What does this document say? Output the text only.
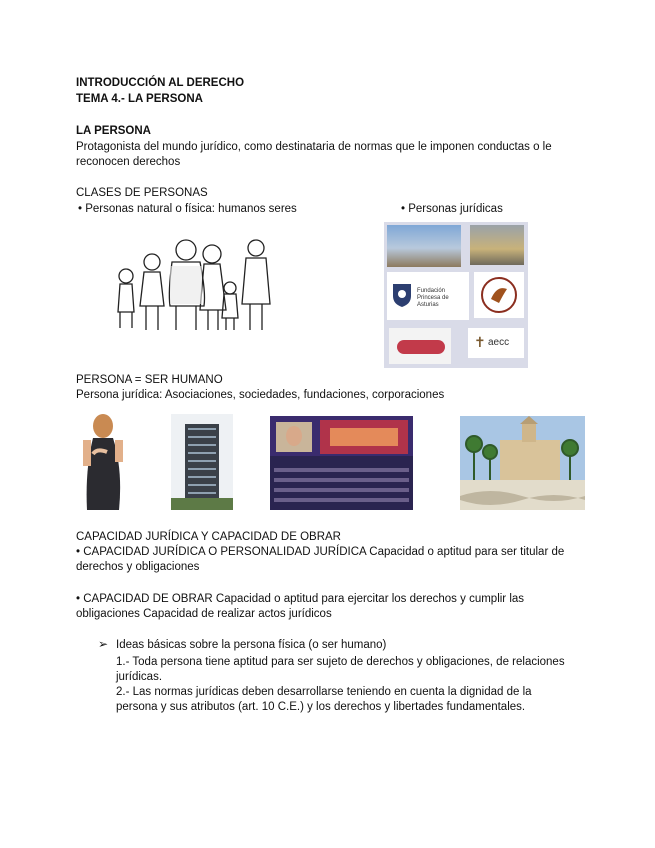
INTRODUCCIÓN AL DERECHO
TEMA 4.- LA PERSONA
LA PERSONA
Protagonista del mundo jurídico, como destinataria de normas que le imponen conductas o le
reconocen derechos
CLASES DE PERSONAS
• Personas natural o física: humanos seres	• Personas jurídicas
Fundación
Princesa de Asturias
✝ aecc
PERSONA = SER HUMANO
Persona jurídica: Asociaciones, sociedades, fundaciones, corporaciones
CAPACIDAD JURÍDICA Y CAPACIDAD DE OBRAR
• CAPACIDAD JURÍDICA O PERSONALIDAD JURÍDICA Capacidad o aptitud para ser titular de
derechos y obligaciones
• CAPACIDAD DE OBRAR Capacidad o aptitud para ejercitar los derechos y cumplir las
obligaciones Capacidad de realizar actos jurídicos
➢ Ideas básicas sobre la persona física (o ser humano)
1.- Toda persona tiene aptitud para ser sujeto de derechos y obligaciones, de relaciones
jurídicas.
2.- Las normas jurídicas deben desarrollarse teniendo en cuenta la dignidad de la
persona y sus atributos (art. 10 C.E.) y los derechos y libertades fundamentales.
